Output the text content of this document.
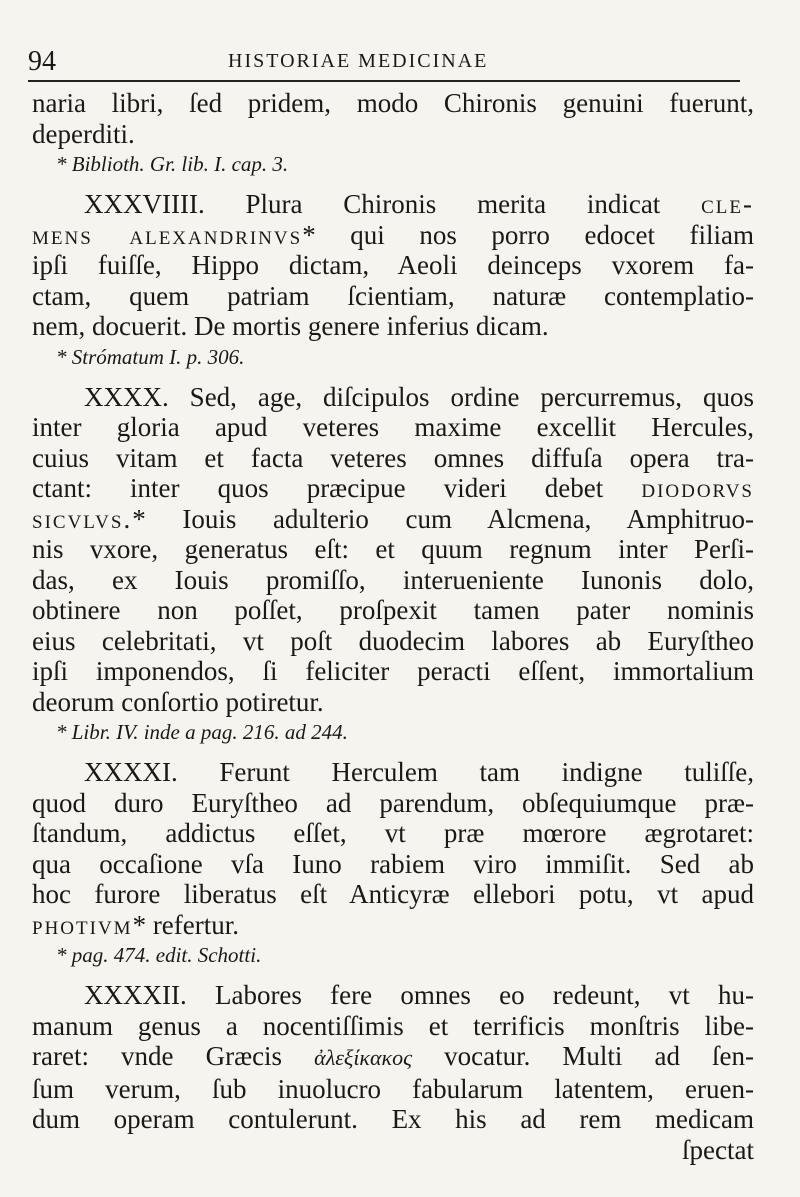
94	HISTORIAE MEDICINAE
naria libri, ſed pridem, modo Chironis genuini fuerunt,
deperditi.
* Biblioth. Gr. lib. I. cap. 3.
XXXVIIII. Plura Chironis merita indicat cle-
mens alexandrinvs* qui nos porro edocet filiam
ipſi fuiſſe, Hippo dictam, Aeoli deinceps vxorem fa-
ctam, quem patriam ſcientiam, naturæ contemplatio-
nem, docuerit. De mortis genere inferius dicam.
* Strómatum I. p. 306.
XXXX. Sed, age, diſcipulos ordine percurremus, quos
inter gloria apud veteres maxime excellit Hercules,
cuius vitam et facta veteres omnes diffuſa opera tra-
ctant: inter quos præcipue videri debet diodorvs
sicvlvs.* Iouis adulterio cum Alcmena, Amphitruo-
nis vxore, generatus eſt: et quum regnum inter Perſi-
das, ex Iouis promiſſo, interueniente Iunonis dolo,
obtinere non poſſet, proſpexit tamen pater nominis
eius celebritati, vt poſt duodecim labores ab Euryſtheo
ipſi imponendos, ſi feliciter peracti eſſent, immortalium
deorum conſortio potiretur.
* Libr. IV. inde a pag. 216. ad 244.
XXXXI. Ferunt Herculem tam indigne tuliſſe,
quod duro Euryſtheo ad parendum, obſequiumque præ-
ſtandum, addictus eſſet, vt præ mœrore ægrotaret:
qua occaſione vſa Iuno rabiem viro immiſit. Sed ab
hoc furore liberatus eſt Anticyræ ellebori potu, vt apud
photivm* refertur.
* pag. 474. edit. Schotti.
XXXXII. Labores fere omnes eo redeunt, vt hu-
manum genus a nocentiſſimis et terrificis monſtris libe-
raret: vnde Græcis ἀλεξίκακος vocatur. Multi ad ſen-
ſum verum, ſub inuolucro fabularum latentem, eruen-
dum operam contulerunt. Ex his ad rem medicam
ſpectat
